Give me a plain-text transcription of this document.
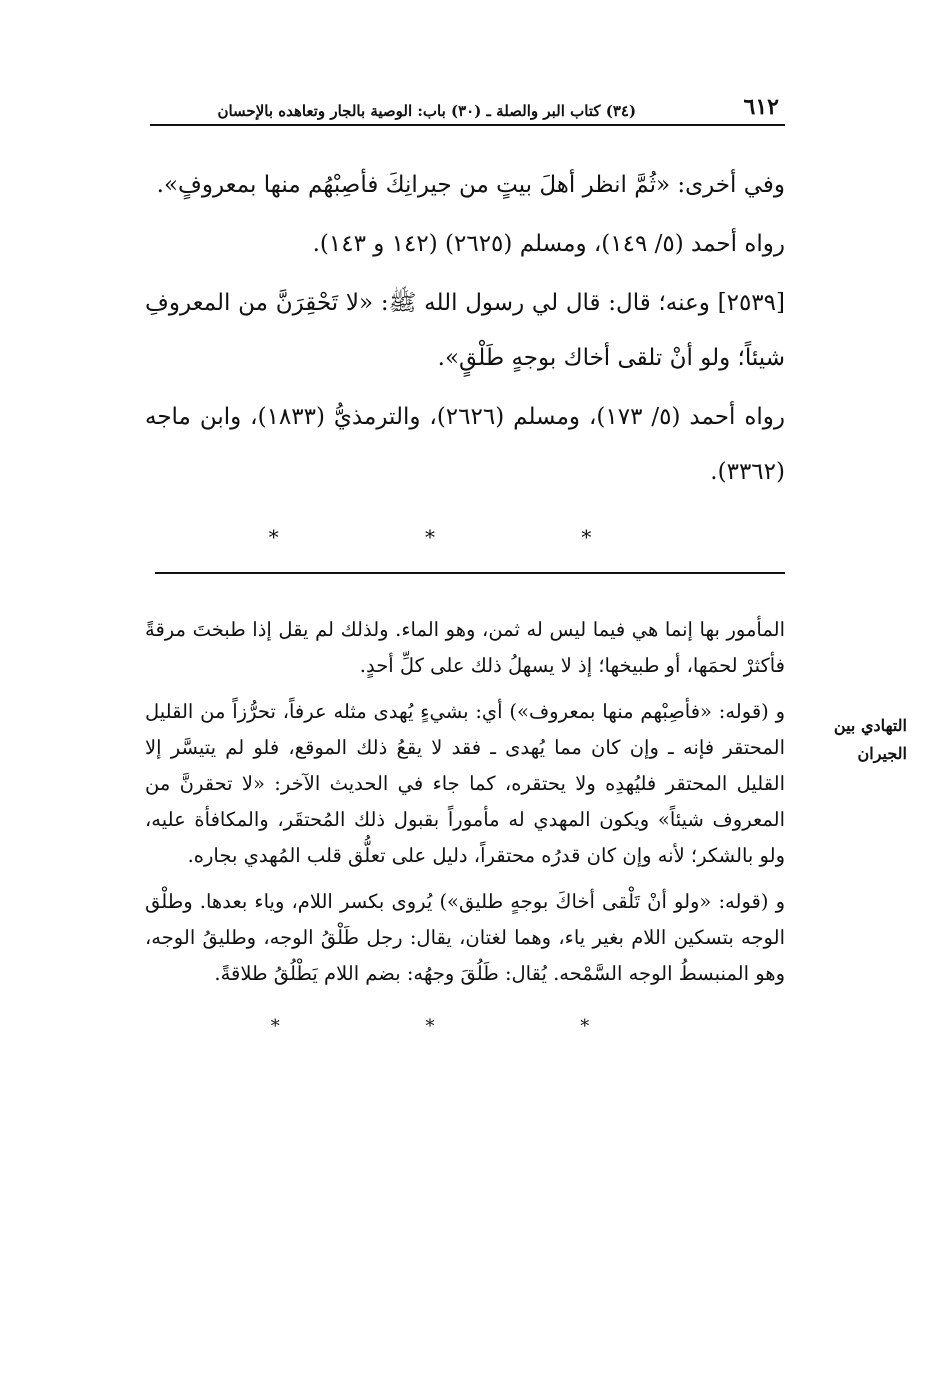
٦١٢
(٣٤) كتاب البر والصلة ـ (٣٠) باب: الوصية بالجار وتعاهده بالإحسان

وفي أخرى: «ثُمَّ انظر أهلَ بيتٍ من جيرانِكَ فأصِبْهُم منها بمعروفٍ».

رواه أحمد (٥/ ١٤٩)، ومسلم (٢٦٢٥) (١٤٢ و ١٤٣).

[٢٥٣٩] وعنه؛ قال: قال لي رسول الله ﷺ: «لا تَحْقِرَنَّ من المعروفِ شيئاً؛ ولو أنْ تلقى أخاك بوجهٍ طَلْقٍ».

رواه أحمد (٥/ ١٧٣)، ومسلم (٢٦٢٦)، والترمذيُّ (١٨٣٣)، وابن ماجه (٣٣٦٢).

* * *
التهادي بين الجيران

المأمور بها إنما هي فيما ليس له ثمن، وهو الماء. ولذلك لم يقل إذا طبختَ مرقةً فأكثرْ لحمَها، أو طبيخها؛ إذ لا يسهلُ ذلك على كلِّ أحدٍ.

و (قوله: «فأصِبْهم منها بمعروف») أي: بشيءٍ يُهدى مثله عرفاً، تحرُّزاً من القليل المحتقر فإنه ـ وإن كان مما يُهدى ـ فقد لا يقعُ ذلك الموقع، فلو لم يتيسَّر إلا القليل المحتقر فليُهدِه ولا يحتقره، كما جاء في الحديث الآخر: «لا تحقرنَّ من المعروف شيئاً» ويكون المهدي له مأموراً بقبول ذلك المُحتقَر، والمكافأة عليه، ولو بالشكر؛ لأنه وإن كان قدرُه محتقراً، دليل على تعلُّق قلب المُهدي بجاره.

و (قوله: «ولو أنْ تَلْقى أخاكَ بوجهٍ طليق») يُروى بكسر اللام، وياء بعدها. وطلْق الوجه بتسكين اللام بغير ياء، وهما لغتان، يقال: رجل طَلْقُ الوجه، وطليقُ الوجه، وهو المنبسطُ الوجه السَّمْحه. يُقال: طَلُقَ وجهُه: بضم اللام يَطْلُقُ طلاقةً.

* * *
